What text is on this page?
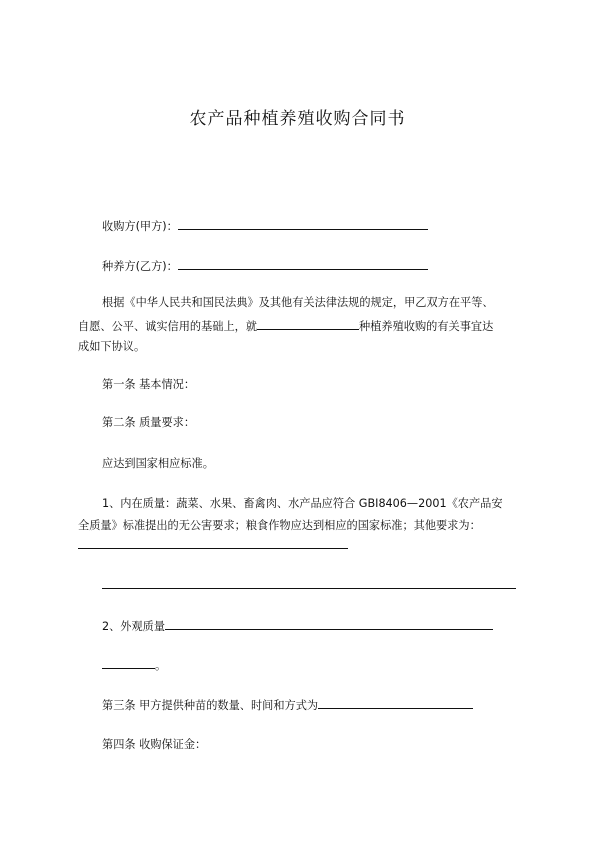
农产品种植养殖收购合同书
收购方(甲方)：
种养方(乙方)：
根据《中华人民共和国民法典》及其他有关法律法规的规定，甲乙双方在平等、
自愿、公平、诚实信用的基础上，就	种植养殖收购的有关事宜达
成如下协议。
第一条 基本情况：
第二条 质量要求：
应达到国家相应标准。
1、内在质量：蔬菜、水果、畜禽肉、水产品应符合 GBI8406—2001《农产品安
全质量》标准提出的无公害要求；粮食作物应达到相应的国家标准；其他要求为：
2、外观质量
。
第三条 甲方提供种苗的数量、时间和方式为
第四条 收购保证金：
